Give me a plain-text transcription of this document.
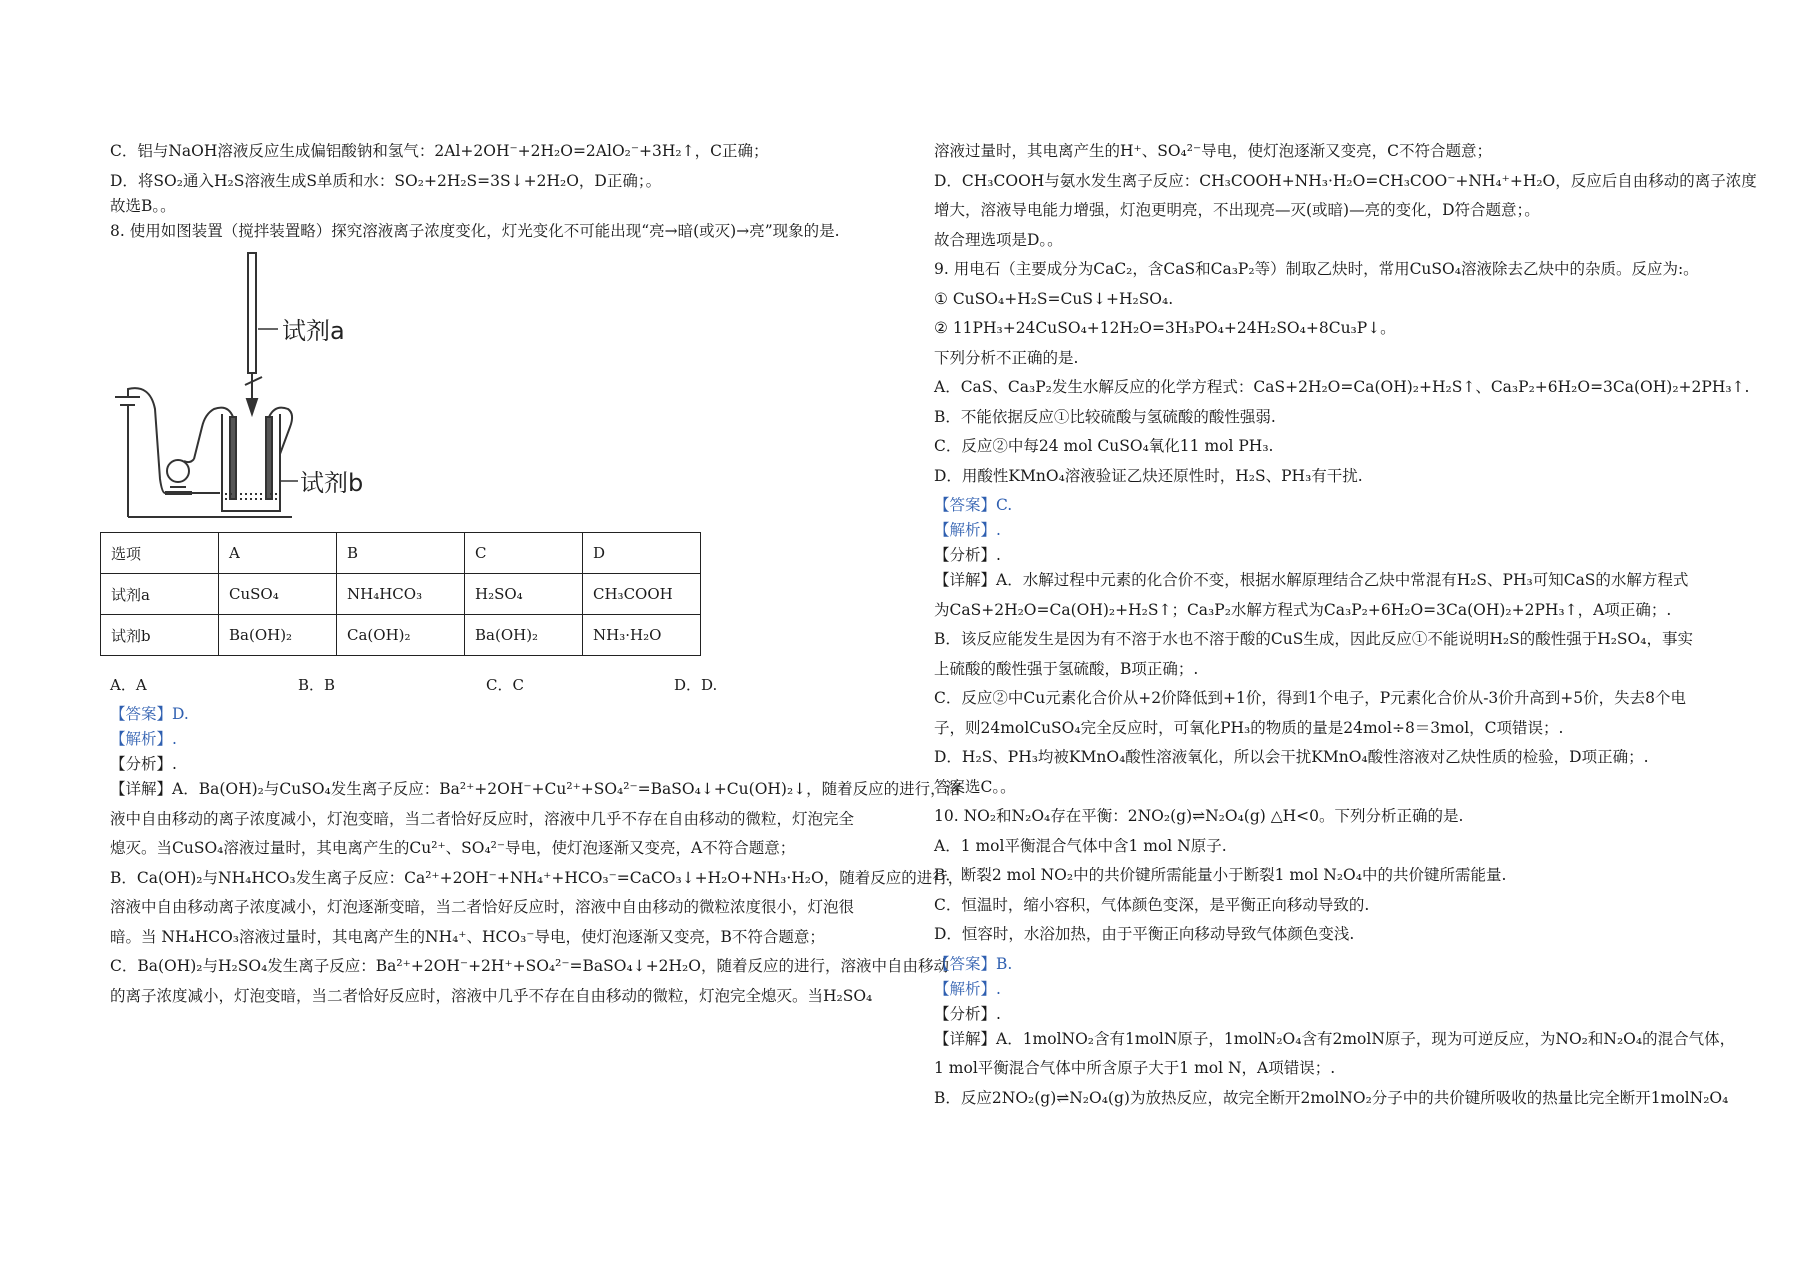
C．铝与NaOH溶液反应生成偏铝酸钠和氢气：2Al+2OH⁻+2H₂O=2AlO₂⁻+3H₂↑，C正确；
D．将SO₂通入H₂S溶液生成S单质和水：SO₂+2H₂S=3S↓+2H₂O，D正确；。
故选B。。
8. 使用如图装置（搅拌装置略）探究溶液离子浓度变化，灯光变化不可能出现“亮→暗(或灭)→亮”现象的是.
试剂a
试剂b
选项	A	B	C	D
试剂a	CuSO₄	NH₄HCO₃	H₂SO₄	CH₃COOH
试剂b	Ba(OH)₂	Ca(OH)₂	Ba(OH)₂	NH₃·H₂O
A．A	B．B	C．C	D．D.
【答案】D.
【解析】.
【分析】.
【详解】A．Ba(OH)₂与CuSO₄发生离子反应：Ba²⁺+2OH⁻+Cu²⁺+SO₄²⁻=BaSO₄↓+Cu(OH)₂↓，随着反应的进行，溶
液中自由移动的离子浓度减小，灯泡变暗，当二者恰好反应时，溶液中几乎不存在自由移动的微粒，灯泡完全
熄灭。当CuSO₄溶液过量时，其电离产生的Cu²⁺、SO₄²⁻导电，使灯泡逐渐又变亮，A不符合题意；
B．Ca(OH)₂与NH₄HCO₃发生离子反应：Ca²⁺+2OH⁻+NH₄⁺+HCO₃⁻=CaCO₃↓+H₂O+NH₃·H₂O，随着反应的进行，
溶液中自由移动离子浓度减小，灯泡逐渐变暗，当二者恰好反应时，溶液中自由移动的微粒浓度很小，灯泡很
暗。当 NH₄HCO₃溶液过量时，其电离产生的NH₄⁺、HCO₃⁻导电，使灯泡逐渐又变亮，B不符合题意；
C．Ba(OH)₂与H₂SO₄发生离子反应：Ba²⁺+2OH⁻+2H⁺+SO₄²⁻=BaSO₄↓+2H₂O，随着反应的进行，溶液中自由移动
的离子浓度减小，灯泡变暗，当二者恰好反应时，溶液中几乎不存在自由移动的微粒，灯泡完全熄灭。当H₂SO₄
溶液过量时，其电离产生的H⁺、SO₄²⁻导电，使灯泡逐渐又变亮，C不符合题意；
D．CH₃COOH与氨水发生离子反应：CH₃COOH+NH₃·H₂O=CH₃COO⁻+NH₄⁺+H₂O，反应后自由移动的离子浓度
增大，溶液导电能力增强，灯泡更明亮，不出现亮—灭(或暗)—亮的变化，D符合题意；。
故合理选项是D。。
9. 用电石（主要成分为CaC₂，含CaS和Ca₃P₂等）制取乙炔时，常用CuSO₄溶液除去乙炔中的杂质。反应为:。
① CuSO₄+H₂S=CuS↓+H₂SO₄.
② 11PH₃+24CuSO₄+12H₂O=3H₃PO₄+24H₂SO₄+8Cu₃P↓。
下列分析不正确的是.
A．CaS、Ca₃P₂发生水解反应的化学方程式：CaS+2H₂O=Ca(OH)₂+H₂S↑、Ca₃P₂+6H₂O=3Ca(OH)₂+2PH₃↑.
B．不能依据反应①比较硫酸与氢硫酸的酸性强弱.
C．反应②中每24 mol CuSO₄氧化11 mol PH₃.
D．用酸性KMnO₄溶液验证乙炔还原性时，H₂S、PH₃有干扰.
【答案】C.
【解析】.
【分析】.
【详解】A．水解过程中元素的化合价不变，根据水解原理结合乙炔中常混有H₂S、PH₃可知CaS的水解方程式
为CaS+2H₂O=Ca(OH)₂+H₂S↑；Ca₃P₂水解方程式为Ca₃P₂+6H₂O=3Ca(OH)₂+2PH₃↑，A项正确；.
B．该反应能发生是因为有不溶于水也不溶于酸的CuS生成，因此反应①不能说明H₂S的酸性强于H₂SO₄，事实
上硫酸的酸性强于氢硫酸，B项正确；.
C．反应②中Cu元素化合价从+2价降低到+1价，得到1个电子，P元素化合价从-3价升高到+5价，失去8个电
子，则24molCuSO₄完全反应时，可氧化PH₃的物质的量是24mol÷8＝3mol，C项错误；.
D．H₂S、PH₃均被KMnO₄酸性溶液氧化，所以会干扰KMnO₄酸性溶液对乙炔性质的检验，D项正确；.
答案选C。。
10. NO₂和N₂O₄存在平衡：2NO₂(g)⇌N₂O₄(g) △H<0。下列分析正确的是.
A．1 mol平衡混合气体中含1 mol N原子.
B．断裂2 mol NO₂中的共价键所需能量小于断裂1 mol N₂O₄中的共价键所需能量.
C．恒温时，缩小容积，气体颜色变深，是平衡正向移动导致的.
D．恒容时，水浴加热，由于平衡正向移动导致气体颜色变浅.
【答案】B.
【解析】.
【分析】.
【详解】A．1molNO₂含有1molN原子，1molN₂O₄含有2molN原子，现为可逆反应，为NO₂和N₂O₄的混合气体，
1 mol平衡混合气体中所含原子大于1 mol N，A项错误；.
B．反应2NO₂(g)⇌N₂O₄(g)为放热反应，故完全断开2molNO₂分子中的共价键所吸收的热量比完全断开1molN₂O₄
